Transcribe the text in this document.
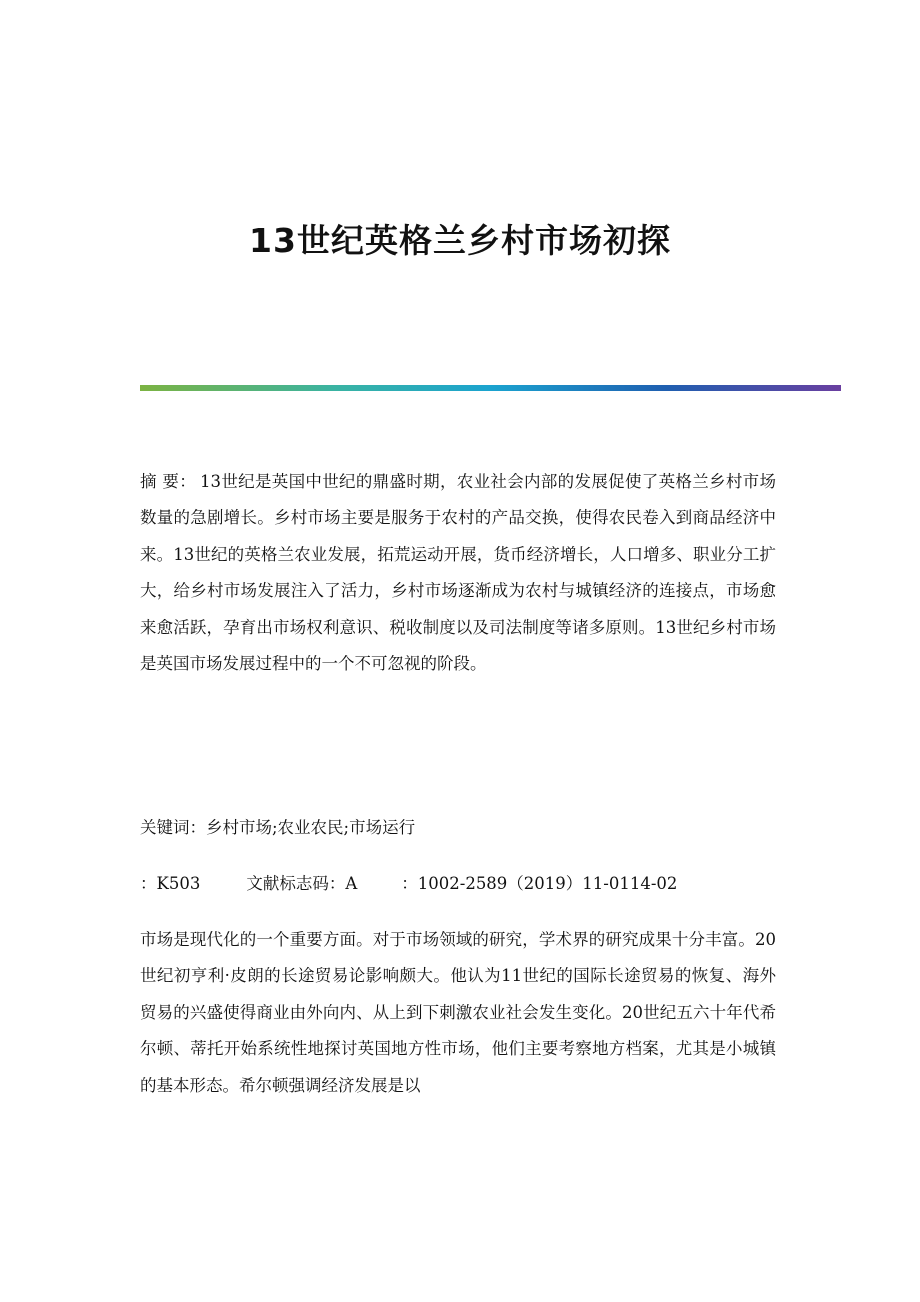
13世纪英格兰乡村市场初探

摘 要： 13世纪是英国中世纪的鼎盛时期，农业社会内部的发展促使了英格兰乡村市场数量的急剧增长。乡村市场主要是服务于农村的产品交换，使得农民卷入到商品经济中来。13世纪的英格兰农业发展，拓荒运动开展，货币经济增长，人口增多、职业分工扩大，给乡村市场发展注入了活力，乡村市场逐渐成为农村与城镇经济的连接点，市场愈来愈活跃，孕育出市场权利意识、税收制度以及司法制度等诸多原则。13世纪乡村市场是英国市场发展过程中的一个不可忽视的阶段。

关键词：乡村市场;农业农民;市场运行

：K503	文献标志码：A	：1002-2589（2019）11-0114-02

市场是现代化的一个重要方面。对于市场领域的研究，学术界的研究成果十分丰富。20世纪初亨利·皮朗的长途贸易论影响颇大。他认为11世纪的国际长途贸易的恢复、海外贸易的兴盛使得商业由外向内、从上到下刺激农业社会发生变化。20世纪五六十年代希尔顿、蒂托开始系统性地探讨英国地方性市场，他们主要考察地方档案，尤其是小城镇的基本形态。希尔顿强调经济发展是以
